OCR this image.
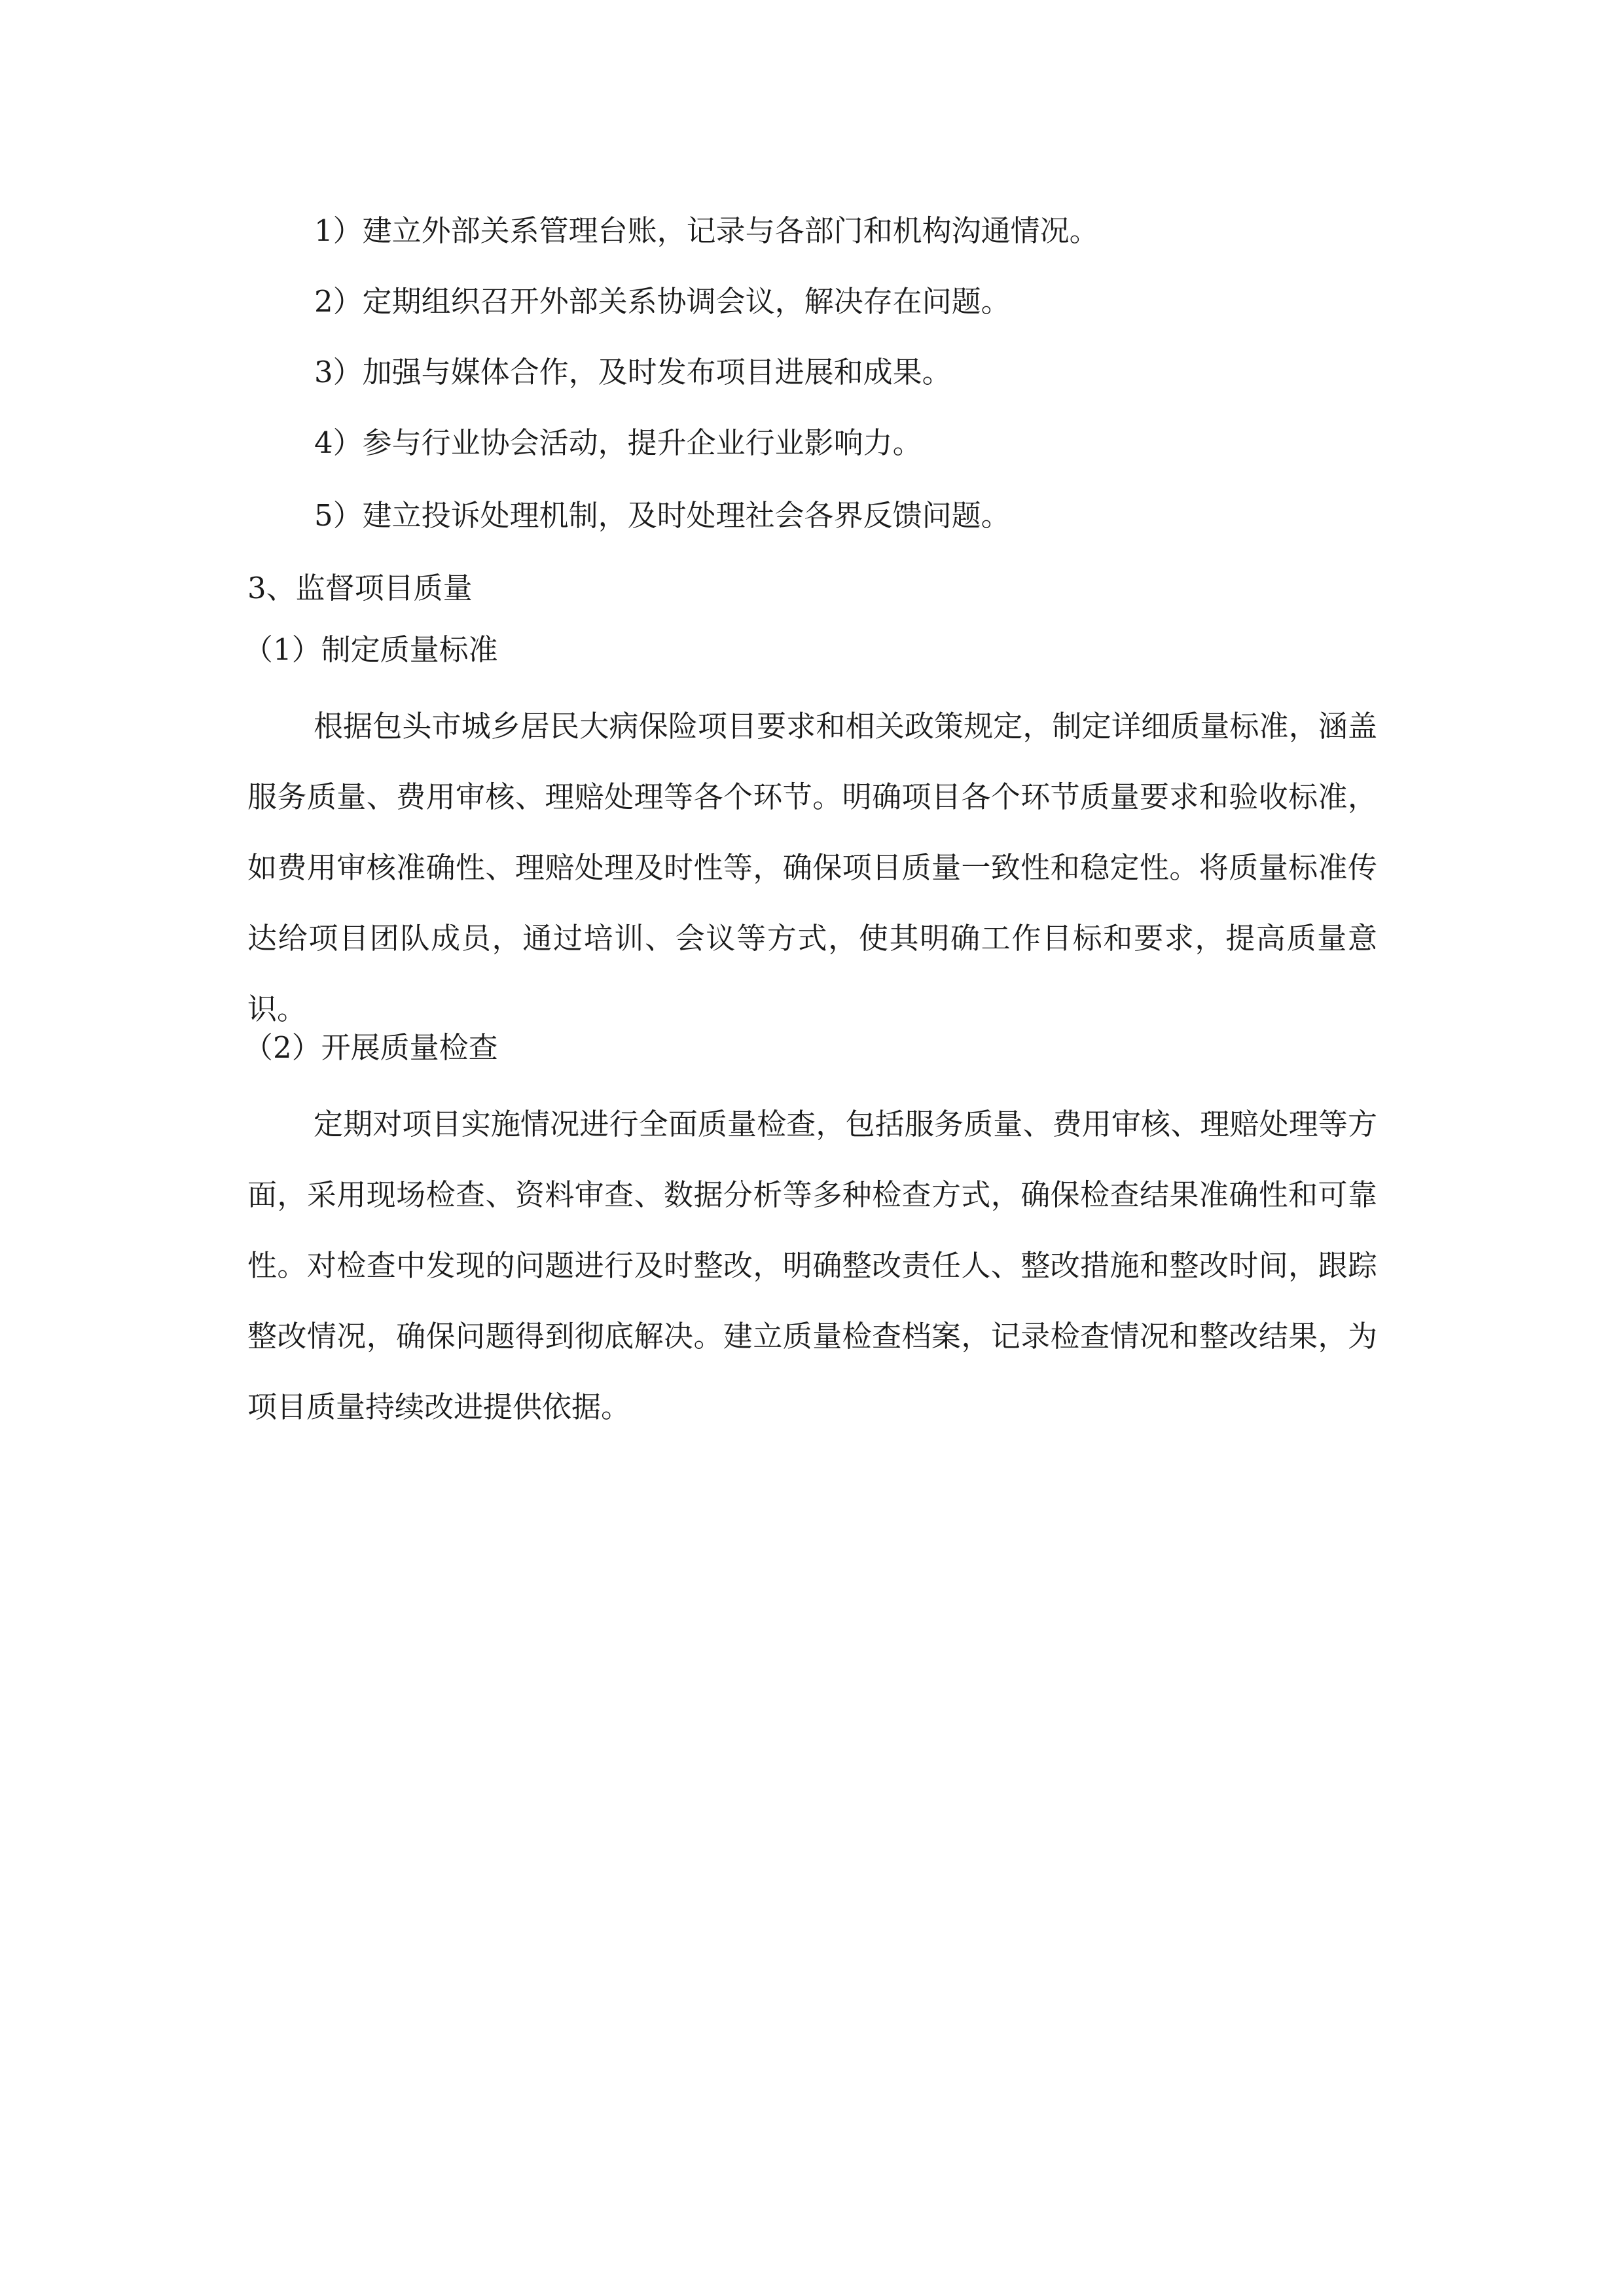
1）建立外部关系管理台账，记录与各部门和机构沟通情况。
2）定期组织召开外部关系协调会议，解决存在问题。
3）加强与媒体合作，及时发布项目进展和成果。
4）参与行业协会活动，提升企业行业影响力。
5）建立投诉处理机制，及时处理社会各界反馈问题。
3、监督项目质量
（1）制定质量标准

根据包头市城乡居民大病保险项目要求和相关政策规定，制定详细质量标准，涵盖服务质量、费用审核、理赔处理等各个环节。明确项目各个环节质量要求和验收标准，如费用审核准确性、理赔处理及时性等，确保项目质量一致性和稳定性。将质量标准传达给项目团队成员，通过培训、会议等方式，使其明确工作目标和要求，提高质量意识。

（2）开展质量检查

定期对项目实施情况进行全面质量检查，包括服务质量、费用审核、理赔处理等方面，采用现场检查、资料审查、数据分析等多种检查方式，确保检查结果准确性和可靠性。对检查中发现的问题进行及时整改，明确整改责任人、整改措施和整改时间，跟踪整改情况，确保问题得到彻底解决。建立质量检查档案，记录检查情况和整改结果，为项目质量持续改进提供依据。
